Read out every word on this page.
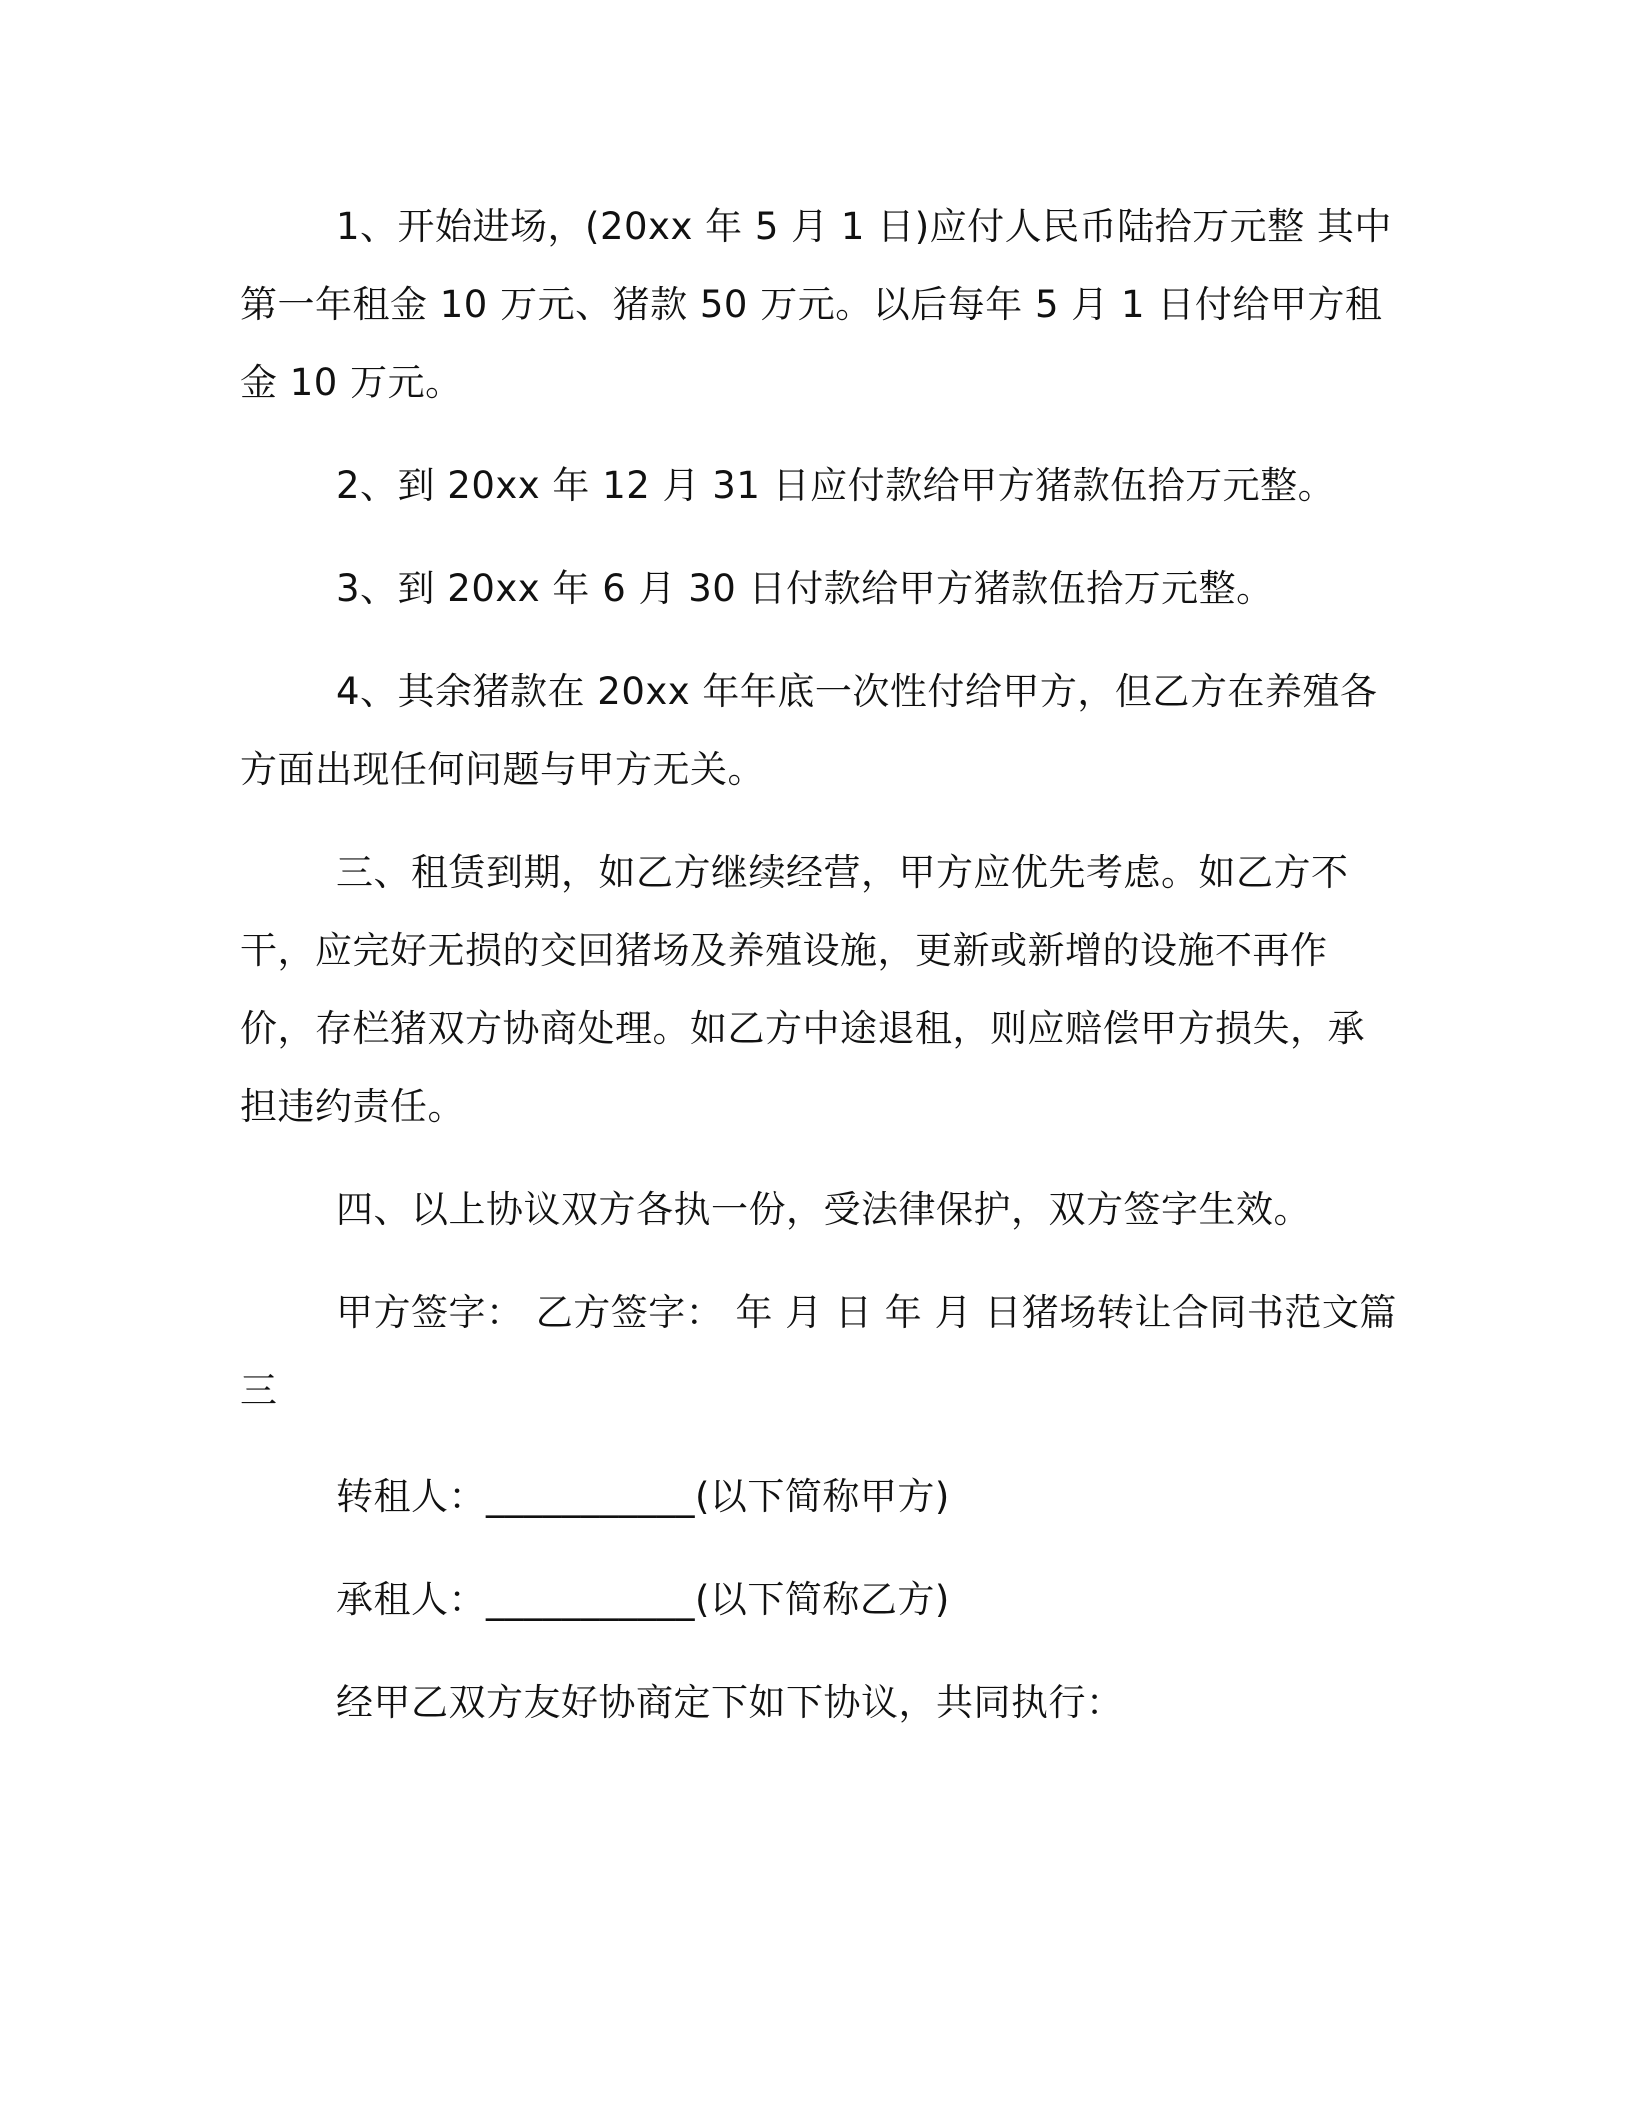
1、开始进场，(20xx 年 5 月 1 日)应付人民币陆拾万元整 其中第一年租金 10 万元、猪款 50 万元。以后每年 5 月 1 日付给甲方租金 10 万元。

2、到 20xx 年 12 月 31 日应付款给甲方猪款伍拾万元整。

3、到 20xx 年 6 月 30 日付款给甲方猪款伍拾万元整。

4、其余猪款在 20xx 年年底一次性付给甲方，但乙方在养殖各方面出现任何问题与甲方无关。

三、租赁到期，如乙方继续经营，甲方应优先考虑。如乙方不干，应完好无损的交回猪场及养殖设施，更新或新增的设施不再作价，存栏猪双方协商处理。如乙方中途退租，则应赔偿甲方损失，承担违约责任。

四、以上协议双方各执一份，受法律保护，双方签字生效。

甲方签字： 乙方签字： 年 月 日 年 月 日猪场转让合同书范文篇三

转租人：___________(以下简称甲方)

承租人：___________(以下简称乙方)

经甲乙双方友好协商定下如下协议，共同执行：
